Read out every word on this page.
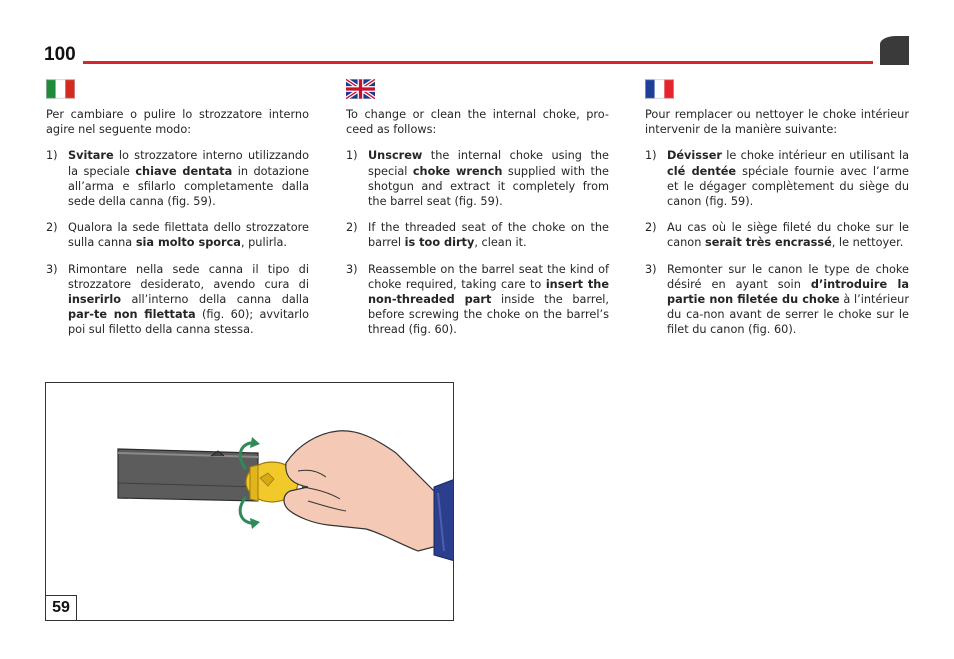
100

Per cambiare o pulire lo strozzatore interno agire nel seguente modo:

1) Svitare lo strozzatore interno utilizzando la speciale chiave dentata in dotazione all’arma e sfilarlo completamente dalla sede della canna (fig. 59).
2) Qualora la sede filettata dello strozzatore sulla canna sia molto sporca, pulirla.
3) Rimontare nella sede canna il tipo di strozzatore desiderato, avendo cura di inserirlo all’interno della canna dalla par-te non filettata (fig. 60); avvitarlo poi sul filetto della canna stessa.

To change or clean the internal choke, pro-ceed as follows:

1) Unscrew the internal choke using the special choke wrench supplied with the shotgun and extract it completely from the barrel seat (fig. 59).
2) If the threaded seat of the choke on the barrel is too dirty, clean it.
3) Reassemble on the barrel seat the kind of choke required, taking care to insert the non-threaded part inside the barrel, before screwing the choke on the barrel’s thread (fig. 60).

Pour remplacer ou nettoyer le choke intérieur intervenir de la manière suivante:

1) Dévisser le choke intérieur en utilisant la clé dentée spéciale fournie avec l’arme et le dégager complètement du siège du canon (fig. 59).
2) Au cas où le siège fileté du choke sur le canon serait très encrassé, le nettoyer.
3) Remonter sur le canon le type de choke désiré en ayant soin d’introduire la partie non filetée du choke à l’intérieur du ca-non avant de serrer le choke sur le filet du canon (fig. 60).
59
